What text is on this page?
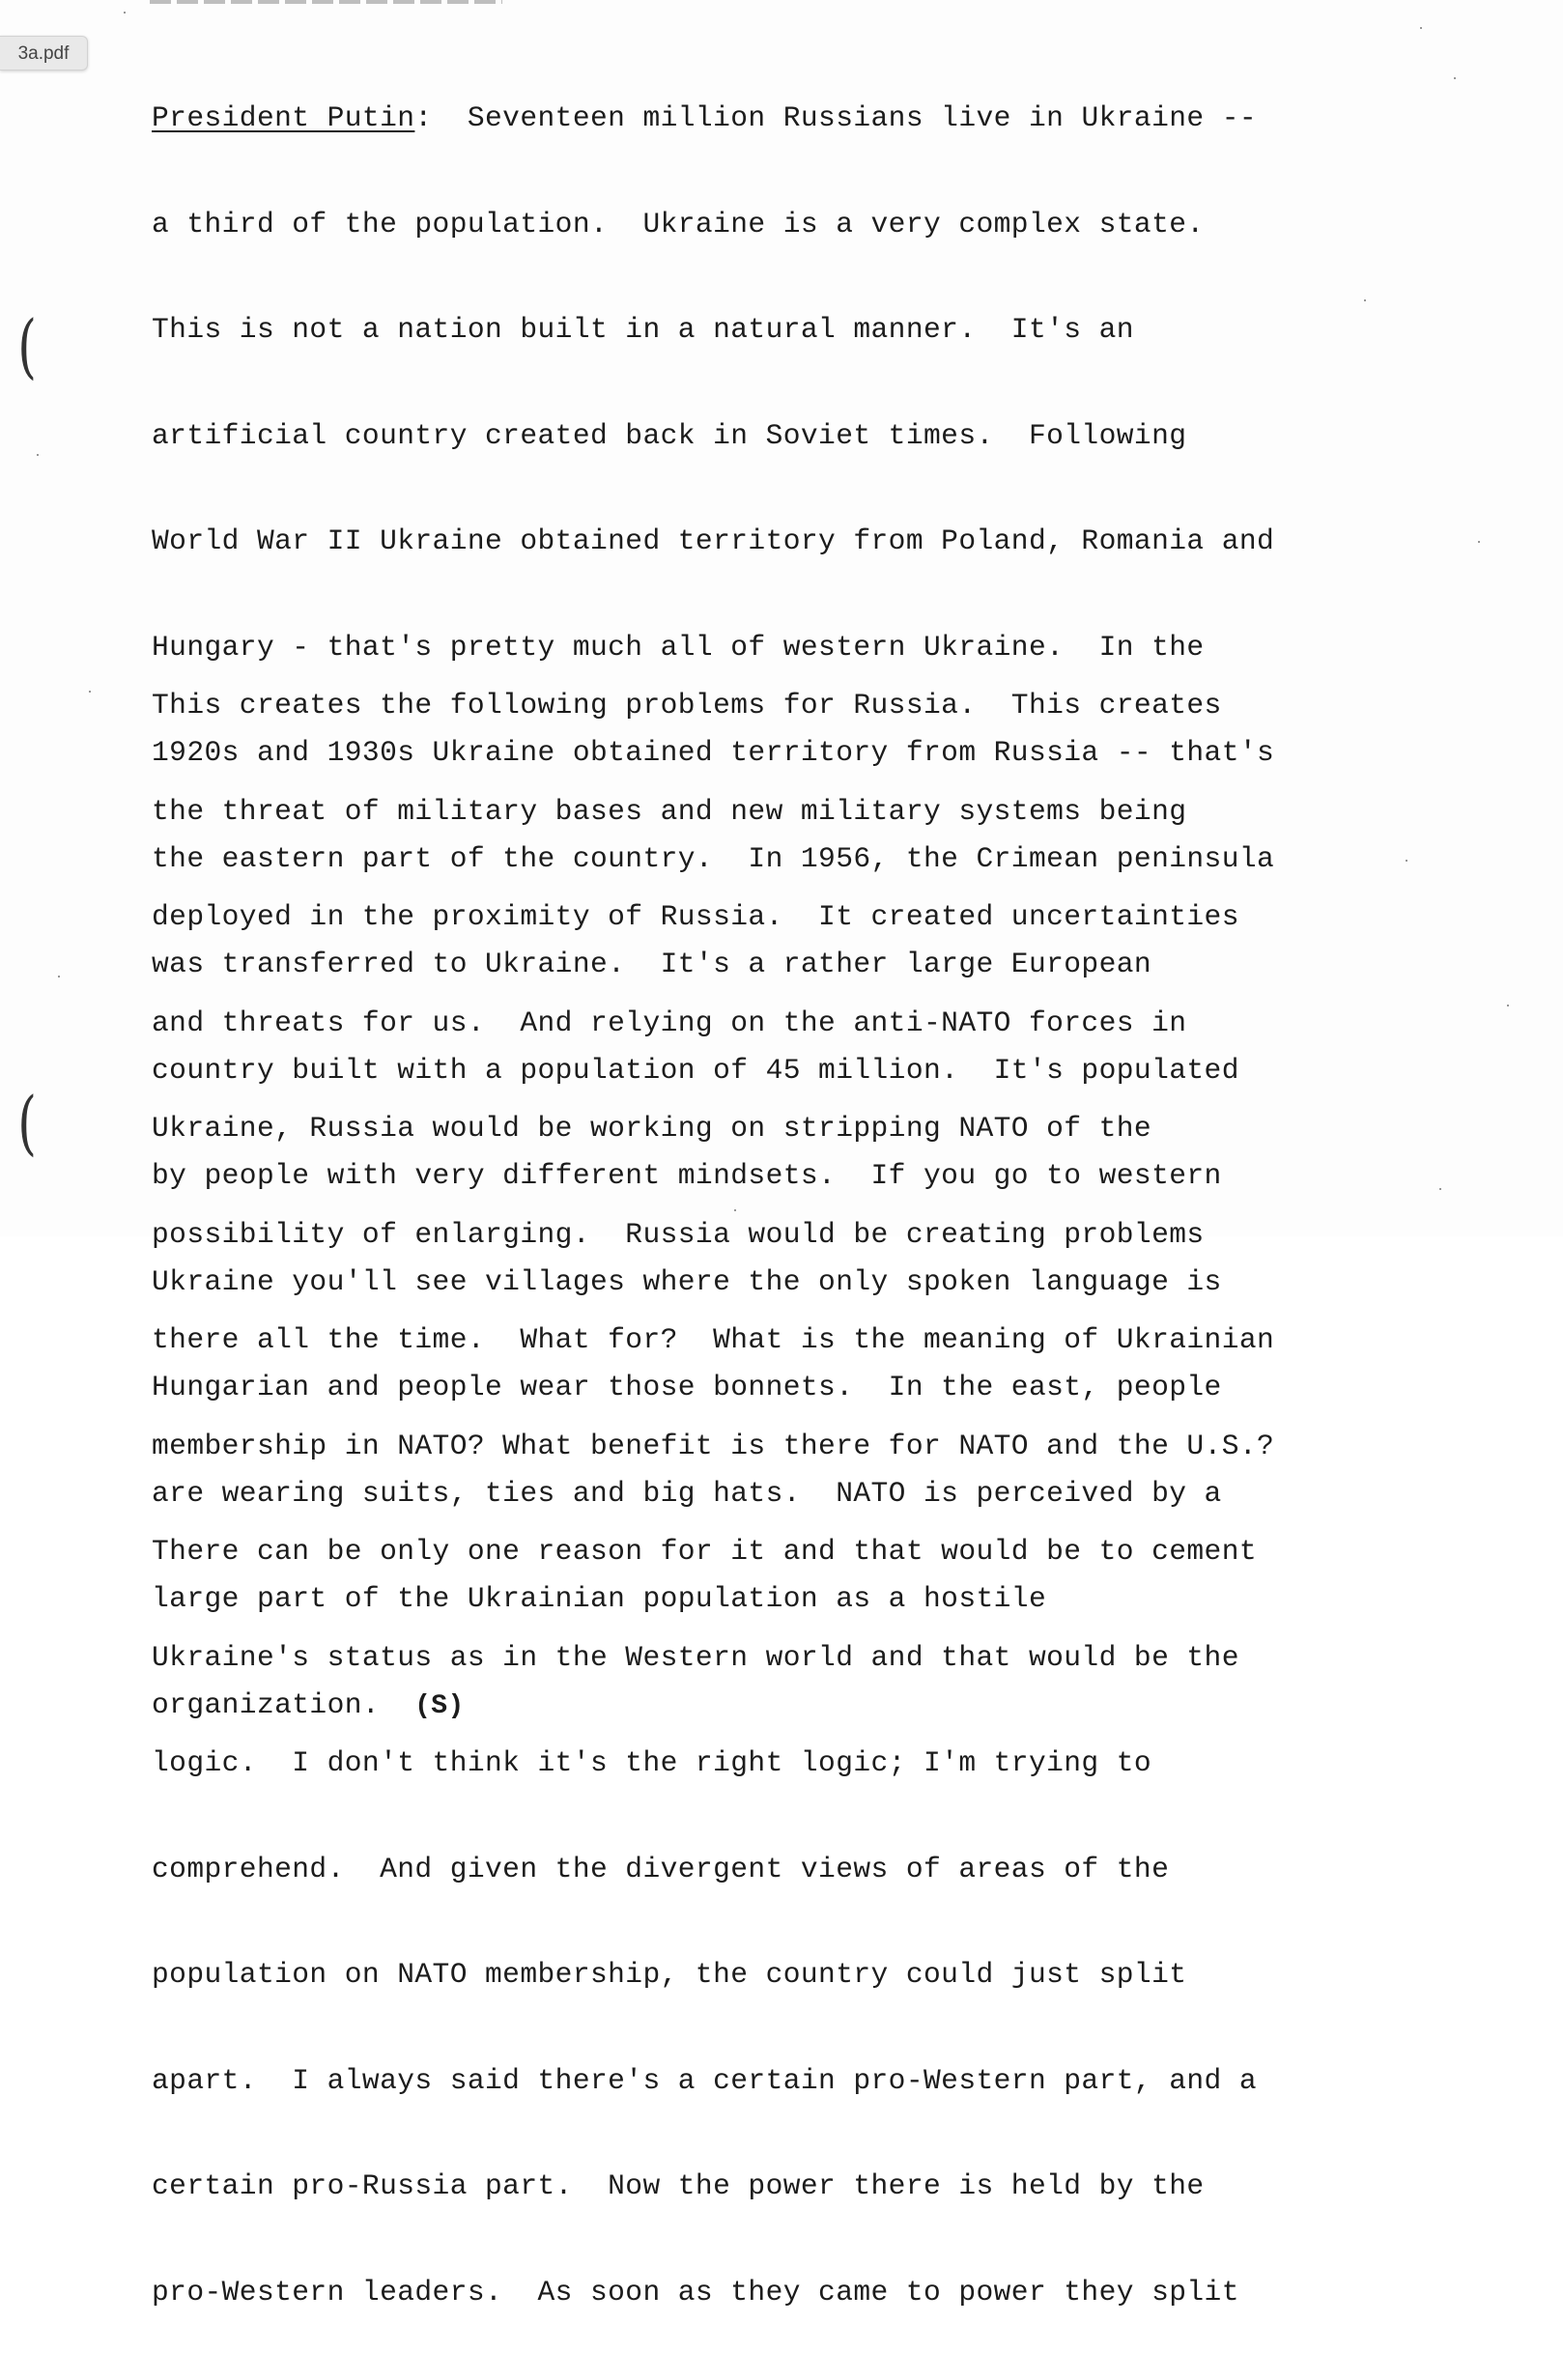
3a.pdf
(
(

President Putin:  Seventeen million Russians live in Ukraine --

a third of the population.  Ukraine is a very complex state.

This is not a nation built in a natural manner.  It's an

artificial country created back in Soviet times.  Following

World War II Ukraine obtained territory from Poland, Romania and

Hungary - that's pretty much all of western Ukraine.  In the

1920s and 1930s Ukraine obtained territory from Russia -- that's

the eastern part of the country.  In 1956, the Crimean peninsula

was transferred to Ukraine.  It's a rather large European

country built with a population of 45 million.  It's populated

by people with very different mindsets.  If you go to western

Ukraine you'll see villages where the only spoken language is

Hungarian and people wear those bonnets.  In the east, people

are wearing suits, ties and big hats.  NATO is perceived by a

large part of the Ukrainian population as a hostile

organization. (S)

This creates the following problems for Russia.  This creates

the threat of military bases and new military systems being

deployed in the proximity of Russia.  It created uncertainties

and threats for us.  And relying on the anti-NATO forces in

Ukraine, Russia would be working on stripping NATO of the

possibility of enlarging.  Russia would be creating problems

there all the time.  What for?  What is the meaning of Ukrainian

membership in NATO? What benefit is there for NATO and the U.S.?

There can be only one reason for it and that would be to cement

Ukraine's status as in the Western world and that would be the

logic.  I don't think it's the right logic; I'm trying to

comprehend.  And given the divergent views of areas of the

population on NATO membership, the country could just split

apart.  I always said there's a certain pro-Western part, and a

certain pro-Russia part.  Now the power there is held by the

pro-Western leaders.  As soon as they came to power they split
